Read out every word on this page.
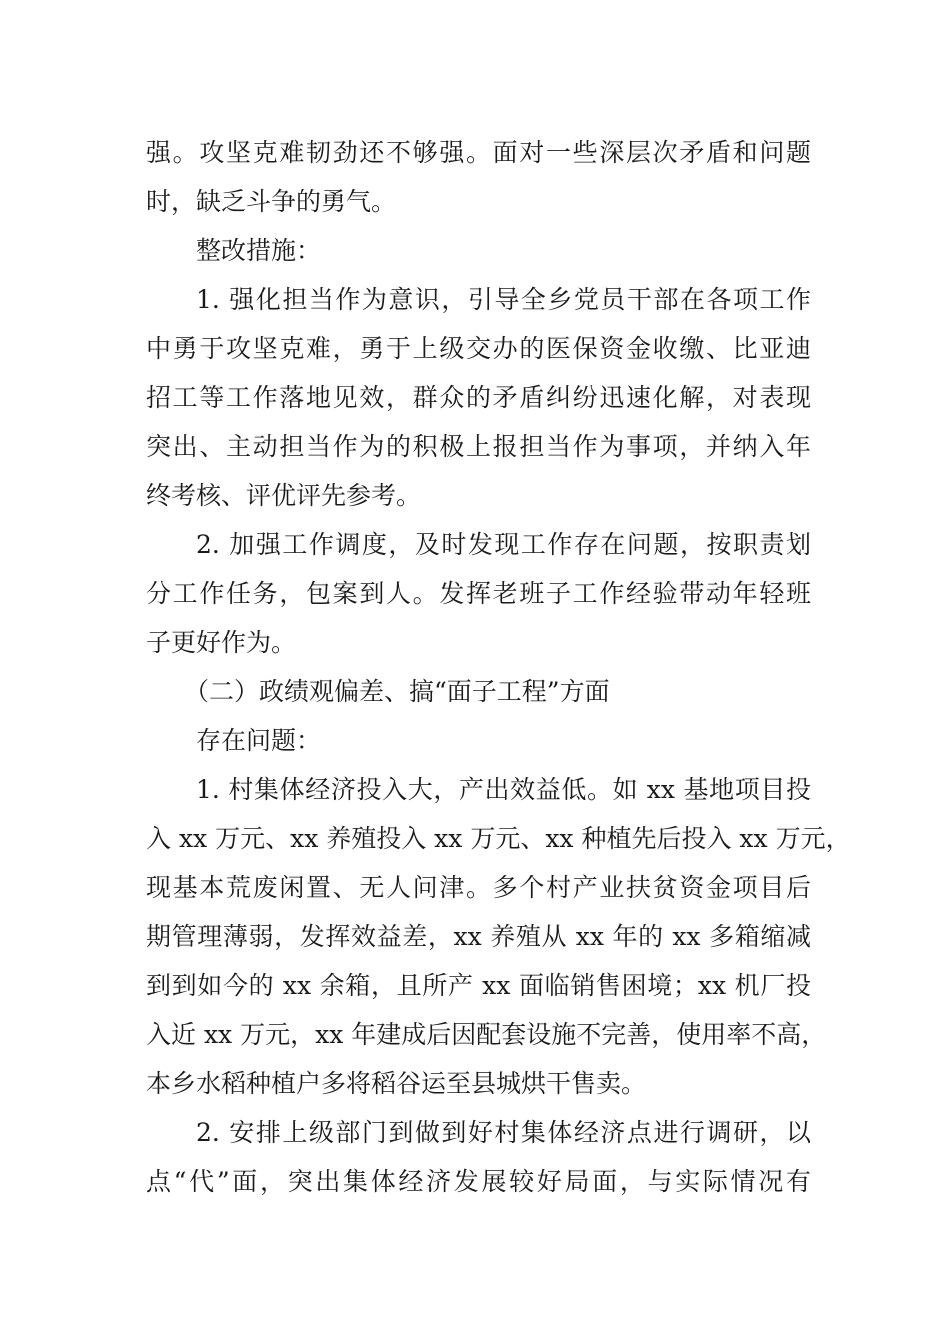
强。攻坚克难韧劲还不够强。面对一些深层次矛盾和问题
时，缺乏斗争的勇气。
整改措施：
1. 强化担当作为意识，引导全乡党员干部在各项工作
中勇于攻坚克难，勇于上级交办的医保资金收缴、比亚迪
招工等工作落地见效，群众的矛盾纠纷迅速化解，对表现
突出、主动担当作为的积极上报担当作为事项，并纳入年
终考核、评优评先参考。
2. 加强工作调度，及时发现工作存在问题，按职责划
分工作任务，包案到人。发挥老班子工作经验带动年轻班
子更好作为。
（二）政绩观偏差、搞“面子工程”方面
存在问题：
1. 村集体经济投入大，产出效益低。如 xx 基地项目投
入 xx 万元、xx 养殖投入 xx 万元、xx 种植先后投入 xx 万元，
现基本荒废闲置、无人问津。多个村产业扶贫资金项目后
期管理薄弱，发挥效益差，xx 养殖从 xx 年的 xx 多箱缩减
到到如今的 xx 余箱，且所产 xx 面临销售困境；xx 机厂投
入近 xx 万元，xx 年建成后因配套设施不完善，使用率不高，
本乡水稻种植户多将稻谷运至县城烘干售卖。
2. 安排上级部门到做到好村集体经济点进行调研，以
点“代”面，突出集体经济发展较好局面，与实际情况有
